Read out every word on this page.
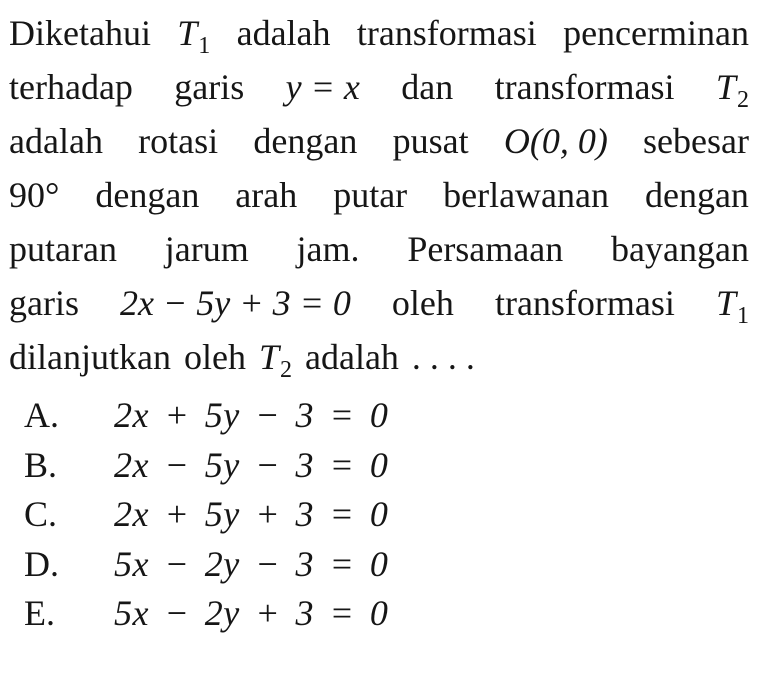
Diketahui $T_1$ adalah transformasi pencerminan
terhadap garis y = x dan transformasi $T_2$
adalah rotasi dengan pusat O(0, 0) sebesar
90° dengan arah putar berlawanan dengan
putaran jarum jam. Persamaan bayangan
garis 2x − 5y + 3 = 0 oleh transformasi $T_1$
dilanjutkan oleh $T_2$ adalah . . . .
A.	2x + 5y − 3 = 0
B.	2x − 5y − 3 = 0
C.	2x + 5y + 3 = 0
D.	5x − 2y − 3 = 0
E.	5x − 2y + 3 = 0
